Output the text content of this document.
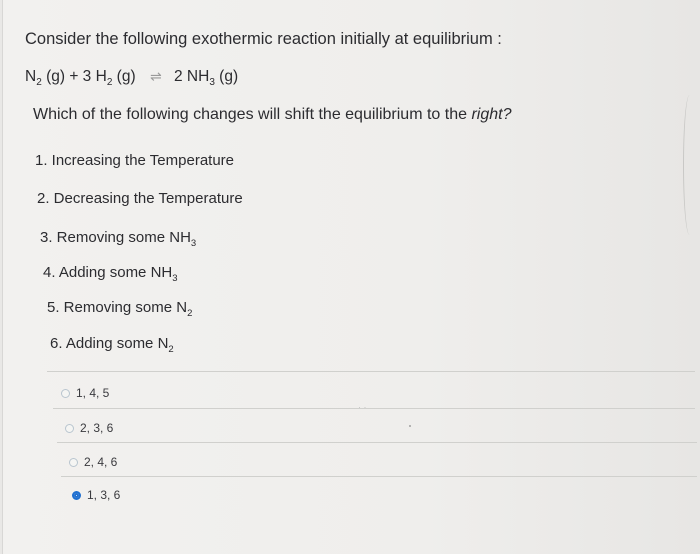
Consider the following exothermic reaction initially at equilibrium :
$N_2$ (g) + 3 $H_2$ (g) ⇌ 2 $NH_3$ (g)
Which of the following changes will shift the equilibrium to the right?
1. Increasing the Temperature
2. Decreasing the Temperature
3. Removing some $NH_3$
4. Adding some $NH_3$
5. Removing some $N_2$
6. Adding some $N_2$
1, 4, 5
2, 3, 6
2, 4, 6
1, 3, 6
· ·
